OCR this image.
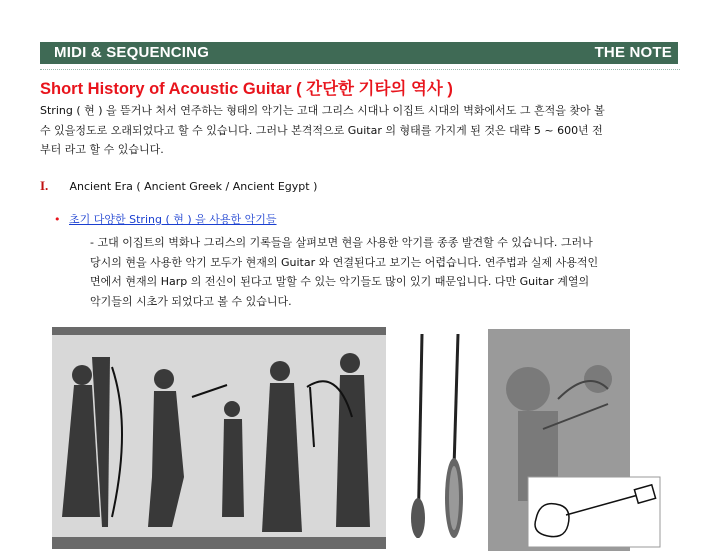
MIDI & SEQUENCING	THE NOTE
Short History of Acoustic Guitar ( 간단한 기타의 역사 )

String ( 현 ) 을 뜯거나 처서 연주하는 형태의 악기는 고대 그리스 시대나 이집트 시대의 벽화에서도 그 흔적을 찾아 볼

수 있을정도로 오래되었다고 할 수 있습니다. 그러나 본격적으로 Guitar 의 형태를 가지게 된 것은 대략 5 ~ 600년 전

부터 라고 할 수 있습니다.

I. Ancient Era ( Ancient Greek / Ancient Egypt )
• 초기 다양한 String ( 현 ) 을 사용한 악기들

- 고대 이집트의 벽화나 그리스의 기록들을 살펴보면 현을 사용한 악기를 종종 발견할 수 있습니다. 그러나

당시의 현을 사용한 악기 모두가 현재의 Guitar 와 연결된다고 보기는 어렵습니다. 연주법과 실제 사용적인

면에서 현재의 Harp 의 전신이 된다고 말할 수 있는 악기들도 많이 있기 때문입니다. 다만 Guitar 계열의

악기들의 시초가 되었다고 볼 수 있습니다.
